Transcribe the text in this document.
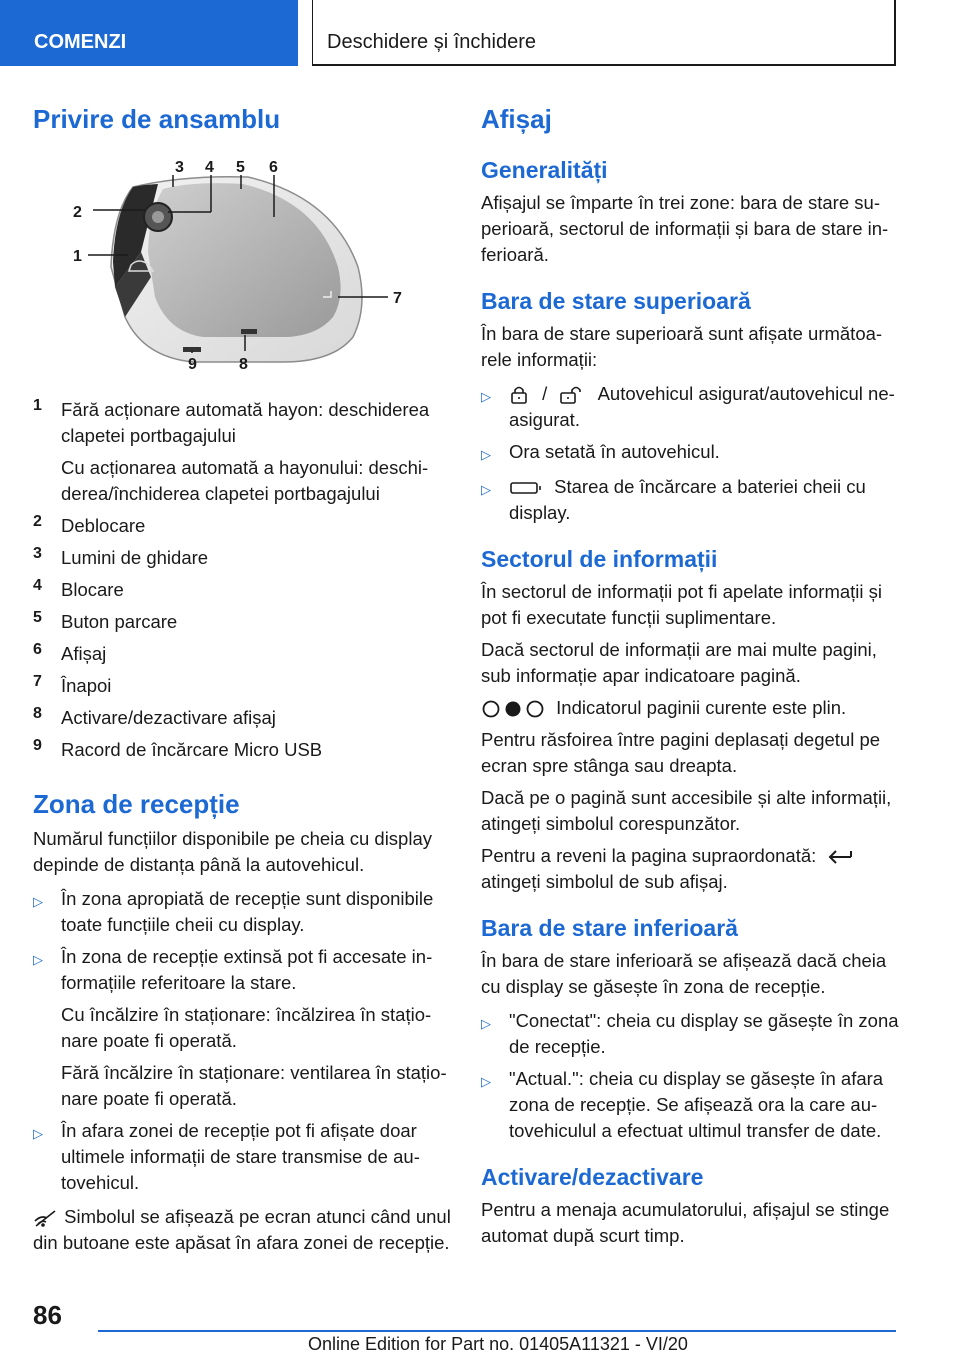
COMENZI	Deschidere și închidere
Privire de ansamblu
3 4 5 6
2
1
7
9	8
1	Fără acționare automată hayon: deschiderea clapetei portbagajului

Cu acționarea automată a hayonului: deschiderea/închiderea clapetei portbagajului

2	Deblocare

3	Lumini de ghidare

4	Blocare

5	Buton parcare

6	Afișaj

7	Înapoi

8	Activare/dezactivare afișaj

9	Racord de încărcare Micro USB

Zona de recepție

Numărul funcțiilor disponibile pe cheia cu display depinde de distanța până la autovehicul.

▷ În zona apropiată de recepție sunt disponibile toate funcțiile cheii cu display.

▷ În zona de recepție extinsă pot fi accesate informațiile referitoare la stare.

Cu încălzire în staționare: încălzirea în staționare poate fi operată.

Fără încălzire în staționare: ventilarea în staționare poate fi operată.

▷ În afara zonei de recepție pot fi afișate doar ultimele informații de stare transmise de autovehicul.

Simbolul se afișează pe ecran atunci când unul din butoane este apăsat în afara zonei de recepție.

Afișaj
Generalități

Afișajul se împarte în trei zone: bara de stare superioară, sectorul de informații și bara de stare inferioară.

Bara de stare superioară

În bara de stare superioară sunt afișate următoarele informații:

▷	/	Autovehicul asigurat/autovehicul neasigurat.

▷ Ora setată în autovehicul.

▷	Starea de încărcare a bateriei cheii cu display.

Sectorul de informații

În sectorul de informații pot fi apelate informații și pot fi executate funcții suplimentare.

Dacă sectorul de informații are mai multe pagini, sub informație apar indicatoare pagină.

Indicatorul paginii curente este plin.

Pentru răsfoirea între pagini deplasați degetul pe ecran spre stânga sau dreapta.

Dacă pe o pagină sunt accesibile și alte informații, atingeți simbolul corespunzător.

Pentru a reveni la pagina supraordonată:
atingeți simbolul de sub afișaj.

Bara de stare inferioară

În bara de stare inferioară se afișează dacă cheia cu display se găsește în zona de recepție.

▷ "Conectat": cheia cu display se găsește în zona de recepție.

▷ "Actual.": cheia cu display se găsește în afara zona de recepție. Se afișează ora la care autovehiculul a efectuat ultimul transfer de date.

Activare/dezactivare

Pentru a menaja acumulatorului, afișajul se stinge automat după scurt timp.

86
Online Edition for Part no. 01405A11321 - VI/20
